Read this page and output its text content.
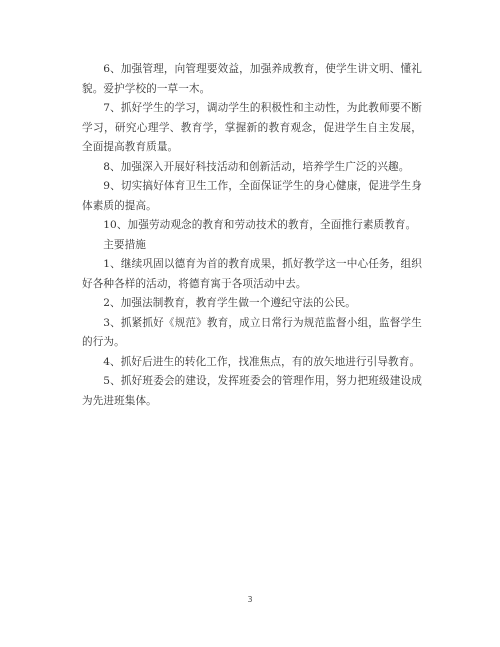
6、加强管理，向管理要效益，加强养成教育，使学生讲文明、懂礼貌。爱护学校的一草一木。

7、抓好学生的学习，调动学生的积极性和主动性，为此教师要不断学习，研究心理学、教育学，掌握新的教育观念，促进学生自主发展，全面提高教育质量。

8、加强深入开展好科技活动和创新活动，培养学生广泛的兴趣。

9、切实搞好体育卫生工作，全面保证学生的身心健康，促进学生身体素质的提高。

10、加强劳动观念的教育和劳动技术的教育，全面推行素质教育。

主要措施

1、继续巩固以德育为首的教育成果，抓好教学这一中心任务，组织好各种各样的活动，将德育寓于各项活动中去。

2、加强法制教育，教育学生做一个遵纪守法的公民。

3、抓紧抓好《规范》教育，成立日常行为规范监督小组，监督学生的行为。

4、抓好后进生的转化工作，找准焦点，有的放矢地进行引导教育。

5、抓好班委会的建设，发挥班委会的管理作用，努力把班级建设成为先进班集体。

3
